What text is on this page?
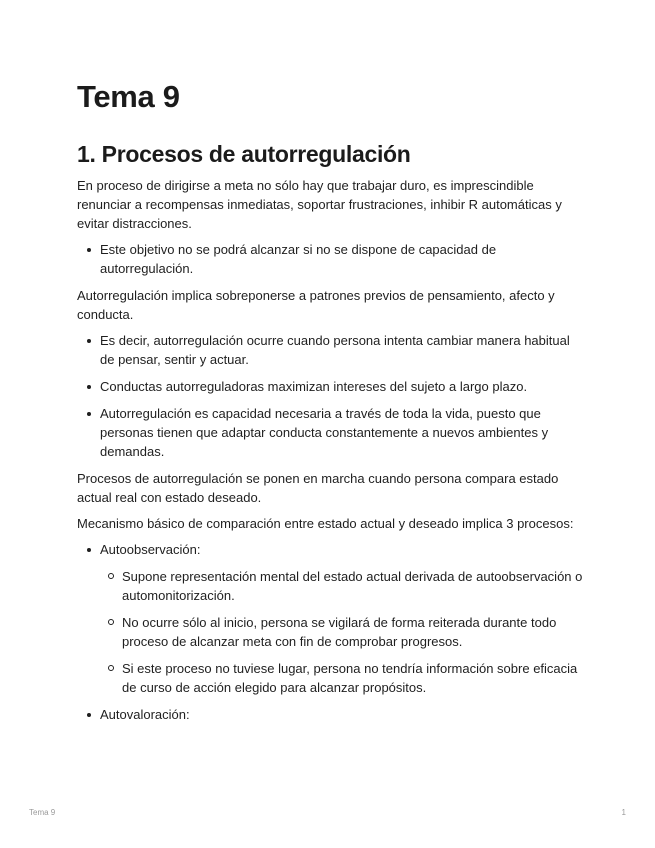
Tema 9
1. Procesos de autorregulación

En proceso de dirigirse a meta no sólo hay que trabajar duro, es imprescindible renunciar a recompensas inmediatas, soportar frustraciones, inhibir R automáticas y evitar distracciones.

Este objetivo no se podrá alcanzar si no se dispone de capacidad de autorregulación.

Autorregulación implica sobreponerse a patrones previos de pensamiento, afecto y conducta.

Es decir, autorregulación ocurre cuando persona intenta cambiar manera habitual de pensar, sentir y actuar.
Conductas autorreguladoras maximizan intereses del sujeto a largo plazo.
Autorregulación es capacidad necesaria a través de toda la vida, puesto que personas tienen que adaptar conducta constantemente a nuevos ambientes y demandas.

Procesos de autorregulación se ponen en marcha cuando persona compara estado actual real con estado deseado.

Mecanismo básico de comparación entre estado actual y deseado implica 3 procesos:

Autoobservación:
Supone representación mental del estado actual derivada de autoobservación o automonitorización.
No ocurre sólo al inicio, persona se vigilará de forma reiterada durante todo proceso de alcanzar meta con fin de comprobar progresos.
Si este proceso no tuviese lugar, persona no tendría información sobre eficacia de curso de acción elegido para alcanzar propósitos.
Autovaloración:
Tema 9	1
